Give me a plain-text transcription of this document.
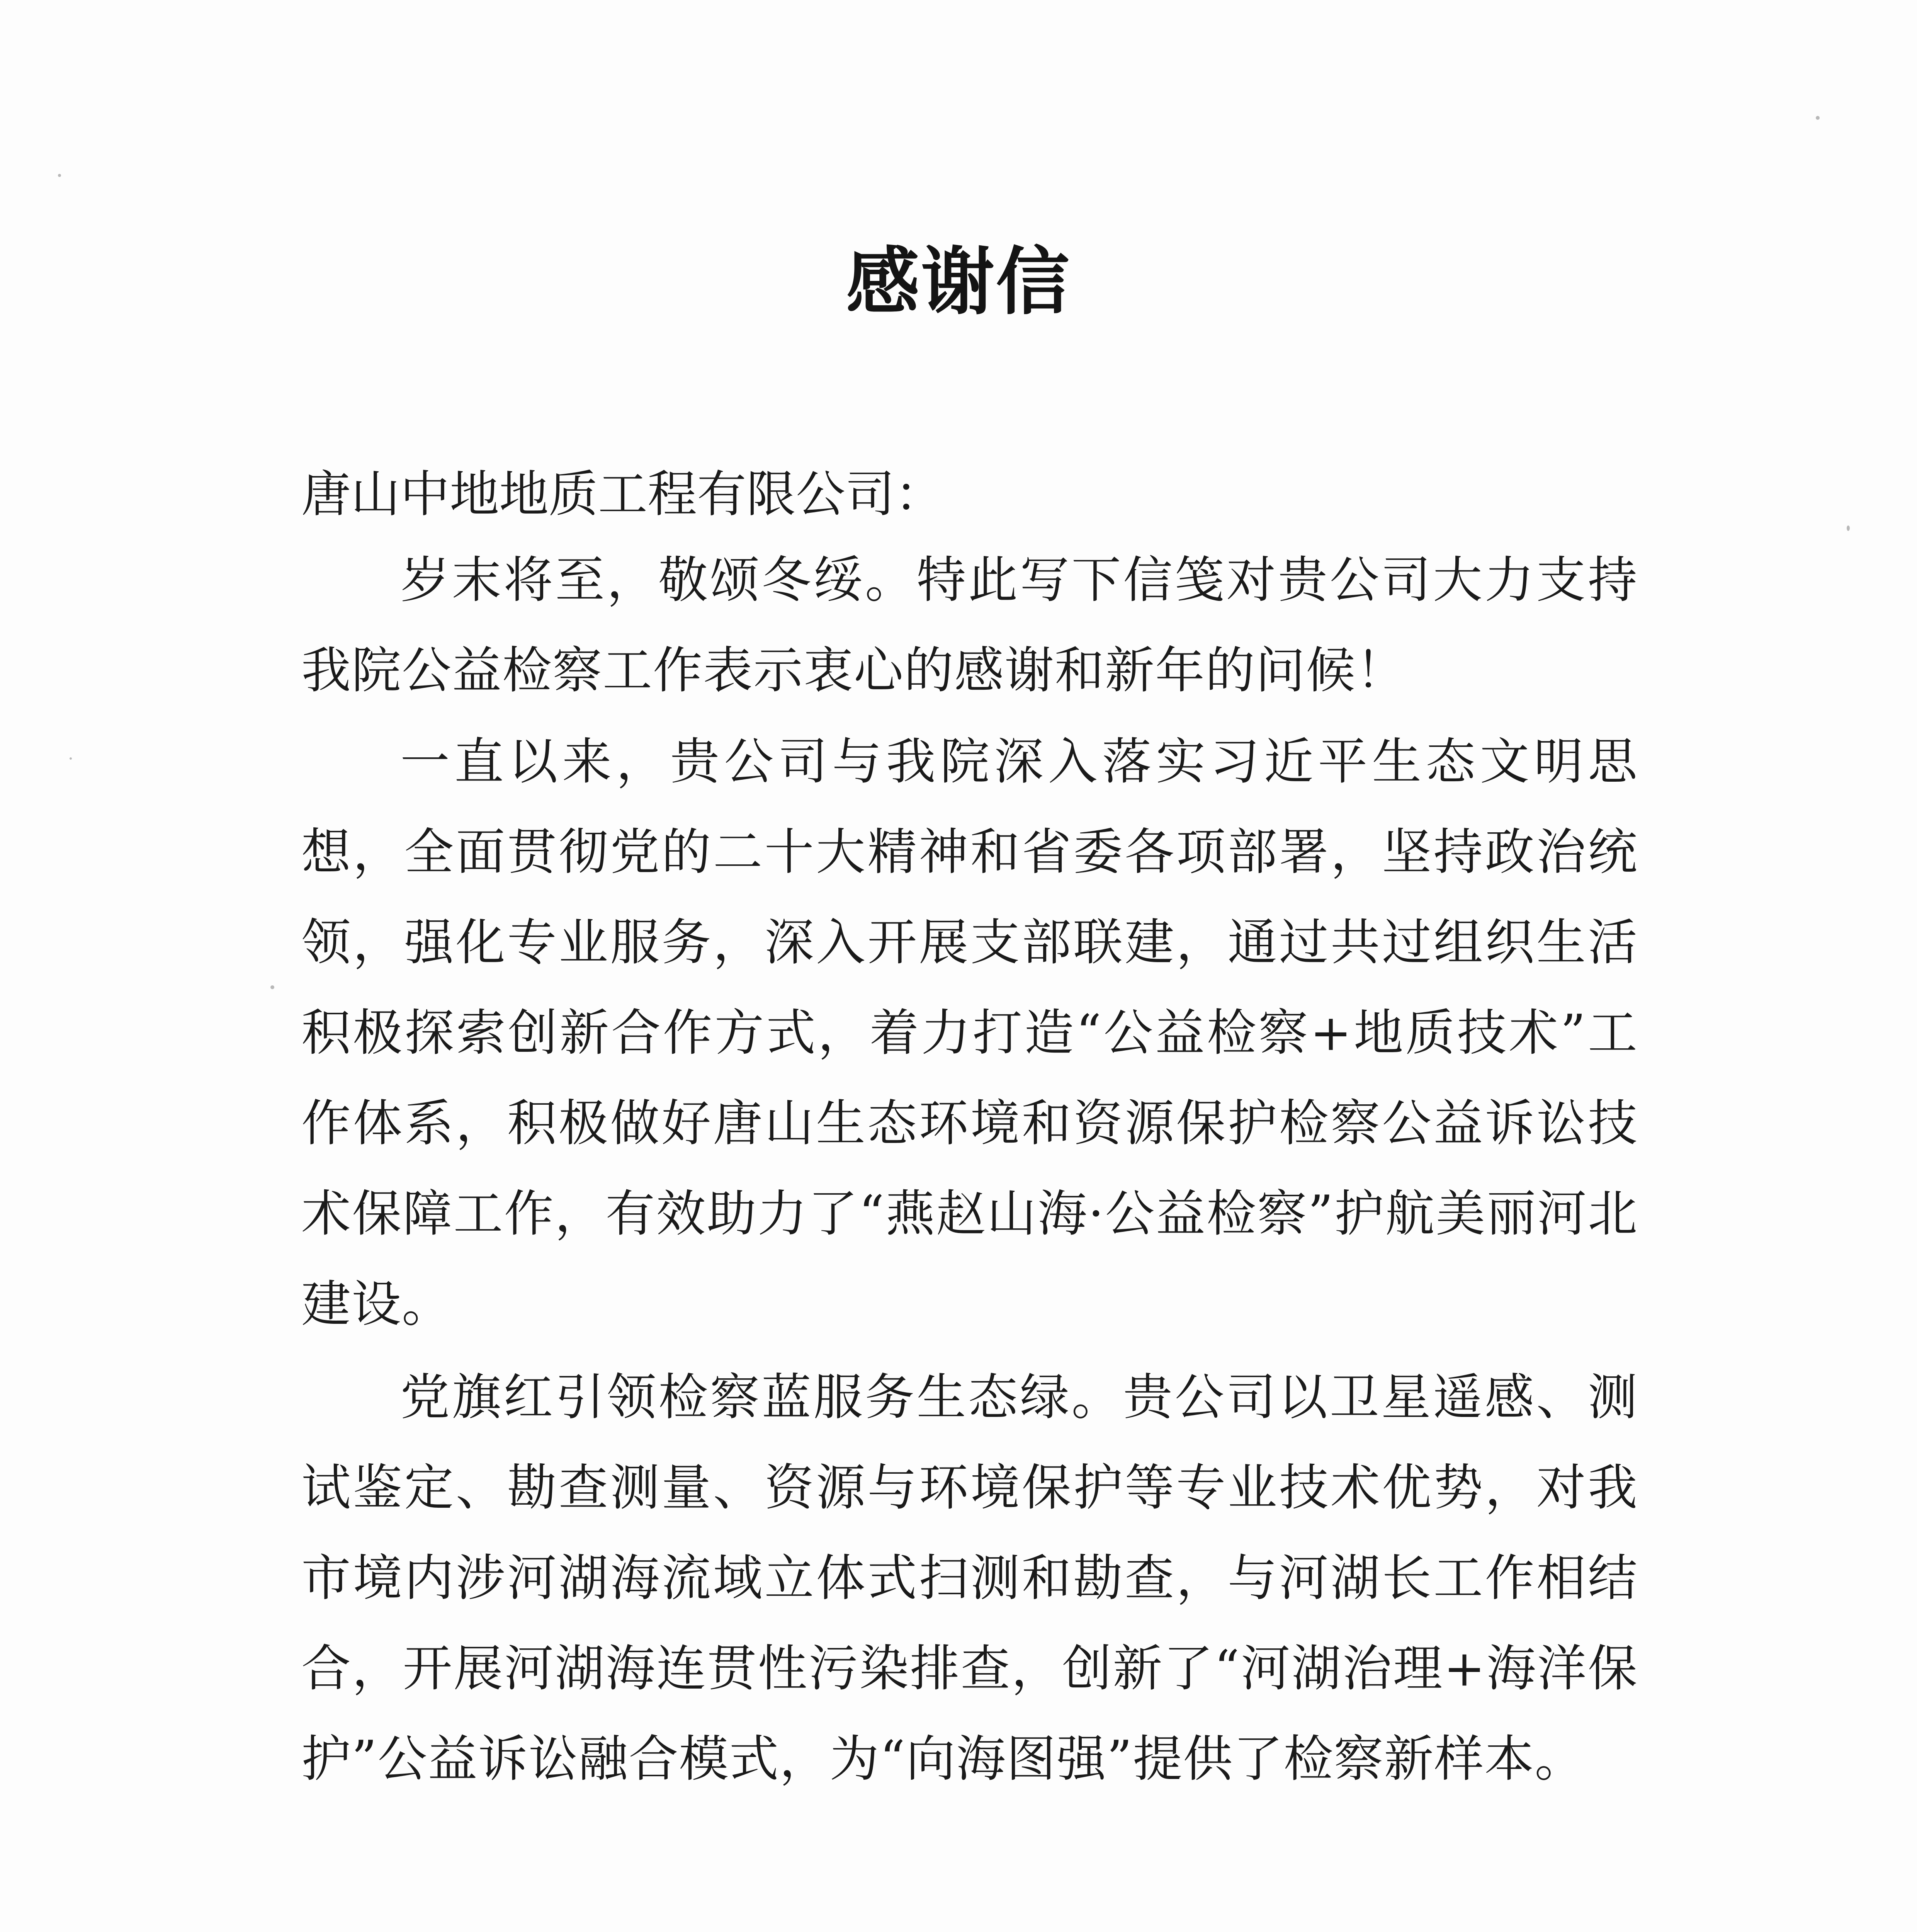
感谢信
唐山中地地质工程有限公司：
岁末将至，敬颂冬绥。特此写下信笺对贵公司大力支持我院公益检察工作表示衷心的感谢和新年的问候！
一直以来，贵公司与我院深入落实习近平生态文明思想，全面贯彻党的二十大精神和省委各项部署，坚持政治统领，强化专业服务，深入开展支部联建，通过共过组织生活积极探索创新合作方式，着力打造“公益检察+地质技术”工作体系，积极做好唐山生态环境和资源保护检察公益诉讼技术保障工作，有效助力了“燕赵山海·公益检察”护航美丽河北建设。
党旗红引领检察蓝服务生态绿。贵公司以卫星遥感、测试鉴定、勘查测量、资源与环境保护等专业技术优势，对我市境内涉河湖海流域立体式扫测和勘查，与河湖长工作相结合，开展河湖海连贯性污染排查，创新了“河湖治理+海洋保护”公益诉讼融合模式，为“向海图强”提供了检察新样本。
